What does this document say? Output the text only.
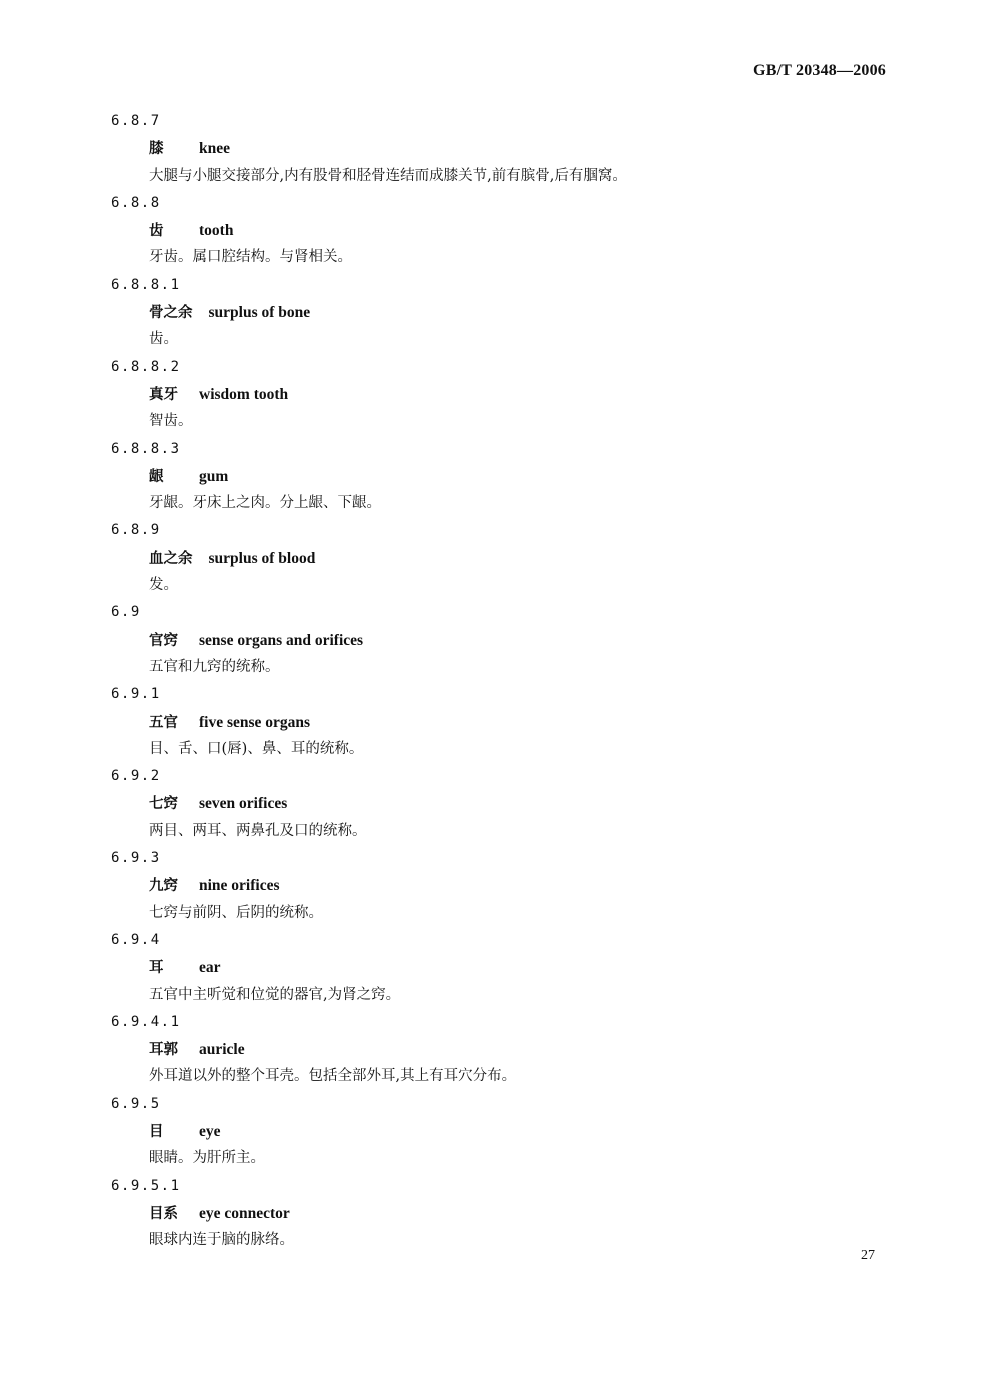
GB/T 20348—2006
6.8.7
膝 knee
大腿与小腿交接部分,内有股骨和胫骨连结而成膝关节,前有膑骨,后有腘窝。
6.8.8
齿 tooth
牙齿。属口腔结构。与肾相关。
6.8.8.1
骨之余 surplus of bone
齿。
6.8.8.2
真牙 wisdom tooth
智齿。
6.8.8.3
龈 gum
牙龈。牙床上之肉。分上龈、下龈。
6.8.9
血之余 surplus of blood
发。
6.9
官窍 sense organs and orifices
五官和九窍的统称。
6.9.1
五官 five sense organs
目、舌、口(唇)、鼻、耳的统称。
6.9.2
七窍 seven orifices
两目、两耳、两鼻孔及口的统称。
6.9.3
九窍 nine orifices
七窍与前阴、后阴的统称。
6.9.4
耳 ear
五官中主听觉和位觉的器官,为肾之窍。
6.9.4.1
耳郭 auricle
外耳道以外的整个耳壳。包括全部外耳,其上有耳穴分布。
6.9.5
目 eye
眼睛。为肝所主。
6.9.5.1
目系 eye connector
眼球内连于脑的脉络。
27
